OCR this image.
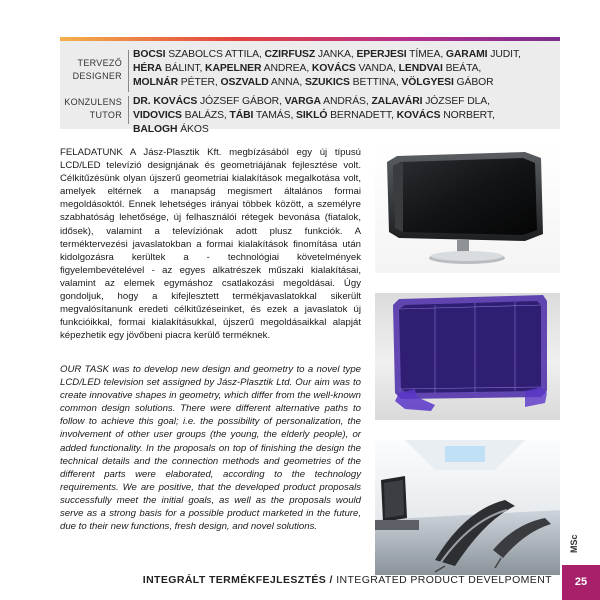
TERVEZŐ
DESIGNER
BOCSI SZABOLCS ATTILA, CZIRFUSZ JANKA, EPERJESI TÍMEA, GARAMI JUDIT, HÉRA BÁLINT, KAPELNER ANDREA, KOVÁCS VANDA, LENDVAI BEÁTA, MOLNÁR PÉTER, OSZVALD ANNA, SZUKICS BETTINA, VÖLGYESI GÁBOR
KONZULENS
TUTOR
DR. KOVÁCS JÓZSEF GÁBOR, VARGA ANDRÁS, ZALAVÁRI JÓZSEF DLA, VIDOVICS BALÁZS, TÁBI TAMÁS, SIKLÓ BERNADETT, KOVÁCS NORBERT, BALOGH ÁKOS

FELADATUNK A Jász-Plasztik Kft. megbízásából egy új típusú LCD/LED televízió designjának és geometriájának fejlesztése volt. Célkitűzésünk olyan újszerű geometriai kialakítások megalkotása volt, amelyek eltérnek a manapság megismert általános formai megoldásoktól. Ennek lehetséges irányai többek között, a személyre szabhatóság lehetősége, új felhasználói rétegek bevonása (fiatalok, idősek), valamint a televíziónak adott plusz funkciók. A terméktervezési javaslatokban a formai kialakítások finomítása után kidolgozásra kerültek a - technológiai követelmények figyelembevételével - az egyes alkatrészek műszaki kialakításai, valamint az elemek egymáshoz csatlakozási megoldásai. Úgy gondoljuk, hogy a kifejlesztett termékjavaslatokkal sikerült megvalósítanunk eredeti célkitűzéseinket, és ezek a javaslatok új funkcióikkal, formai kialakításukkal, újszerű megoldásaikkal alapját képezhetik egy jövőbeni piacra kerülő terméknek.

OUR TASK was to develop new design and geometry to a novel type LCD/LED television set assigned by Jász-Plasztik Ltd. Our aim was to create innovative shapes in geometry, which differ from the well-known common design solutions. There were different alternative paths to follow to achieve this goal; i.e. the possibility of personalization, the involvement of other user groups (the young, the elderly people), or added functionality. In the proposals on top of finishing the design the technical details and the connection methods and geometries of the different parts were elaborated, according to the technology requirements. We are positive, that the developed product proposals successfully meet the initial goals, as well as the proposals would serve as a strong basis for a possible product marketed in the future, due to their new functions, fresh design, and novel solutions.

MSc
INTEGRÁLT TERMÉKFEJLESZTÉS / INTEGRATED PRODUCT DEVELPOMENT	25
